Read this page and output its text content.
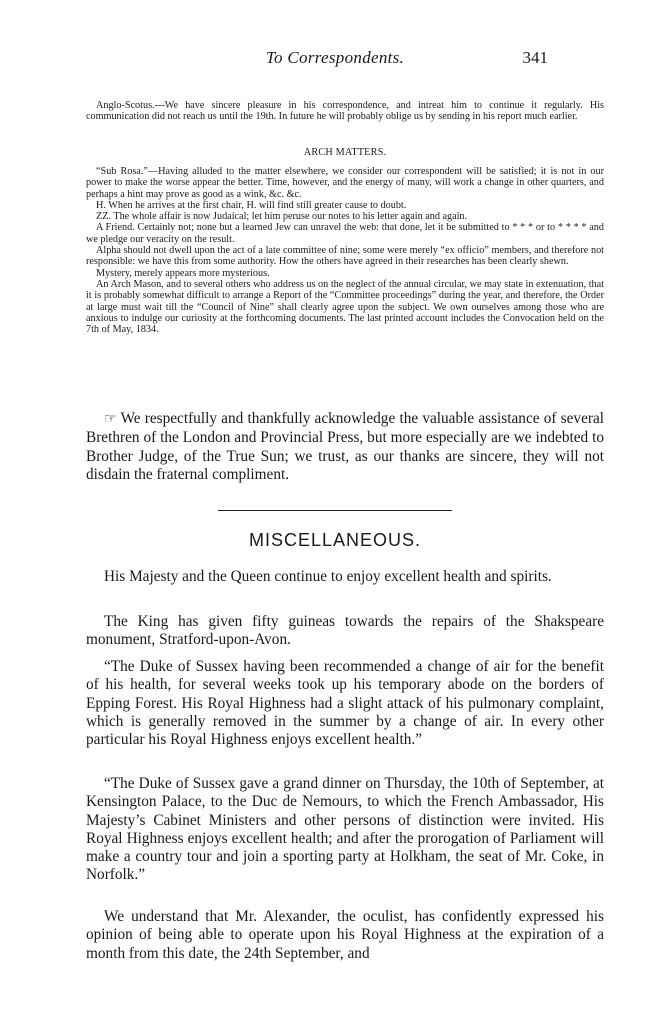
To Correspondents.	341

Anglo-Scotus.---We have sincere pleasure in his correspondence, and intreat him to continue it regularly. His communication did not reach us until the 19th. In future he will probably oblige us by sending in his report much earlier.

ARCH MATTERS.

“Sub Rosa.”—Having alluded to the matter elsewhere, we consider our correspondent will be satisfied; it is not in our power to make the worse appear the better. Time, however, and the energy of many, will work a change in other quarters, and perhaps a hint may prove as good as a wink, &c. &c.

H. When he arrives at the first chair, H. will find still greater cause to doubt.

ZZ. The whole affair is now Judaical; let him peruse our notes to his letter again and again.

A Friend. Certainly not; none but a learned Jew can unravel the web: that done, let it be submitted to * * * or to * * * * and we pledge our veracity on the result.

Alpha should not dwell upon the act of a late committee of nine; some were merely “ex officio” members, and therefore not responsible: we have this from some authority. How the others have agreed in their researches has been clearly shewn.

Mystery, merely appears more mysterious.

An Arch Mason, and to several others who address us on the neglect of the annual circular, we may state in extenuation, that it is probably somewhat difficult to arrange a Report of the “Committee proceedings” during the year, and therefore, the Order at large must wait till the “Council of Nine” shall clearly agree upon the subject. We own ourselves among those who are anxious to indulge our curiosity at the forthcoming documents. The last printed account includes the Convocation held on the 7th of May, 1834.

☞ We respectfully and thankfully acknowledge the valuable assistance of several Brethren of the London and Provincial Press, but more especially are we indebted to Brother Judge, of the True Sun; we trust, as our thanks are sincere, they will not disdain the fraternal compliment.

MISCELLANEOUS.

His Majesty and the Queen continue to enjoy excellent health and spirits.

The King has given fifty guineas towards the repairs of the Shakspeare monument, Stratford-upon-Avon.

“The Duke of Sussex having been recommended a change of air for the benefit of his health, for several weeks took up his temporary abode on the borders of Epping Forest. His Royal Highness had a slight attack of his pulmonary complaint, which is generally removed in the summer by a change of air. In every other particular his Royal Highness enjoys excellent health.”

“The Duke of Sussex gave a grand dinner on Thursday, the 10th of September, at Kensington Palace, to the Duc de Nemours, to which the French Ambassador, His Majesty’s Cabinet Ministers and other persons of distinction were invited. His Royal Highness enjoys excellent health; and after the prorogation of Parliament will make a country tour and join a sporting party at Holkham, the seat of Mr. Coke, in Norfolk.”

We understand that Mr. Alexander, the oculist, has confidently expressed his opinion of being able to operate upon his Royal Highness at the expiration of a month from this date, the 24th September, and
